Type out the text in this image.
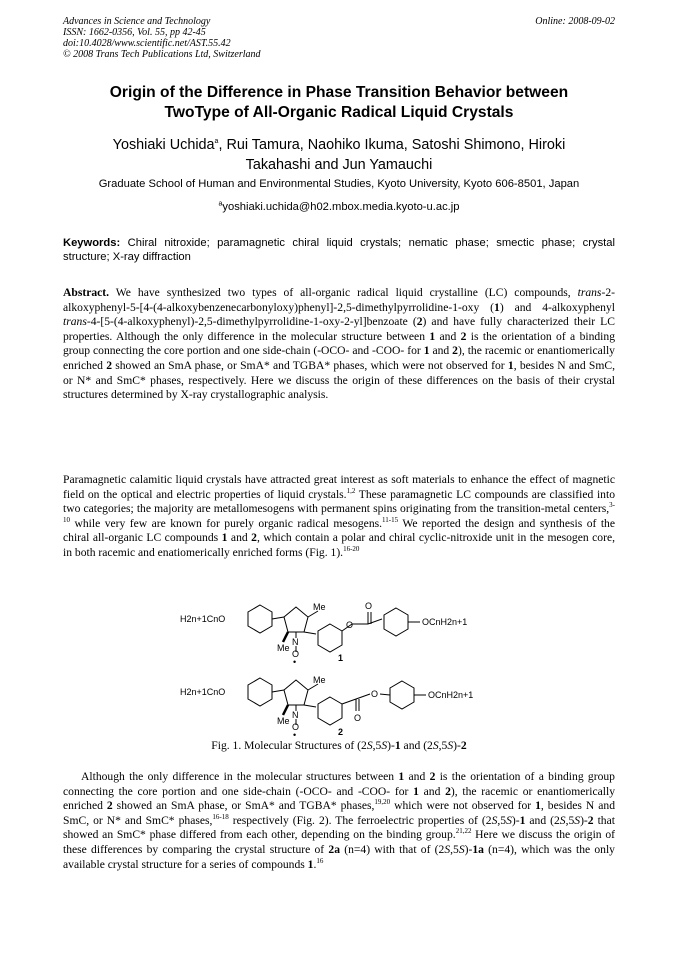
Advances in Science and Technology
ISSN: 1662-0356, Vol. 55, pp 42-45
doi:10.4028/www.scientific.net/AST.55.42
© 2008 Trans Tech Publications Ltd, Switzerland
Online: 2008-09-02
Origin of the Difference in Phase Transition Behavior between
TwoType of All-Organic Radical Liquid Crystals
Yoshiaki Uchida$^a$, Rui Tamura, Naohiko Ikuma, Satoshi Shimono, Hiroki
Takahashi and Jun Yamauchi
Graduate School of Human and Environmental Studies, Kyoto University, Kyoto 606-8501, Japan
$^a$yoshiaki.uchida@h02.mbox.media.kyoto-u.ac.jp
Keywords: Chiral nitroxide; paramagnetic chiral liquid crystals; nematic phase; smectic phase; crystal structure; X-ray diffraction
Abstract. We have synthesized two types of all-organic radical liquid crystalline (LC) compounds, trans-2-alkoxyphenyl-5-[4-(4-alkoxybenzenecarbonyloxy)phenyl]-2,5-dimethylpyrrolidine-1-oxy (1) and 4-alkoxyphenyl trans-4-[5-(4-alkoxyphenyl)-2,5-dimethylpyrrolidine-1-oxy-2-yl]benzoate (2) and have fully characterized their LC properties. Although the only difference in the molecular structure between 1 and 2 is the orientation of a binding group connecting the core portion and one side-chain (-OCO- and -COO- for 1 and 2), the racemic or enantiomerically enriched 2 showed an SmA phase, or SmA* and TGBA* phases, which were not observed for 1, besides N and SmC, or N* and SmC* phases, respectively. Here we discuss the origin of these differences on the basis of their crystal structures determined by X-ray crystallographic analysis.
Paramagnetic calamitic liquid crystals have attracted great interest as soft materials to enhance the effect of magnetic field on the optical and electric properties of liquid crystals.$^{1,2}$ These paramagnetic LC compounds are classified into two categories; the majority are metallomesogens with permanent spins originating from the transition-metal centers,$^{3-10}$ while very few are known for purely organic radical mesogens.$^{11-15}$ We reported the design and synthesis of the chiral all-organic LC compounds 1 and 2, which contain a polar and chiral cyclic-nitroxide unit in the mesogen core, in both racemic and enatiomerically enriched forms (Fig. 1).$^{16-20}$
H2n+1CnO
Me
Me
N
O
•
O
O	OCnH2n+1
1
H2n+1CnO
Me
Me
N
O
•
O
O
OCnH2n+1
2
Fig. 1. Molecular Structures of (2S,5S)-1 and (2S,5S)-2
Although the only difference in the molecular structures between 1 and 2 is the orientation of a binding group connecting the core portion and one side-chain (-OCO- and -COO- for 1 and 2), the racemic or enantiomerically enriched 2 showed an SmA phase, or SmA* and TGBA* phases,$^{19,20}$ which were not observed for 1, besides N and SmC, or N* and SmC* phases,$^{16-18}$ respectively (Fig. 2). The ferroelectric properties of (2S,5S)-1 and (2S,5S)-2 that showed an SmC* phase differed from each other, depending on the binding group.$^{21,22}$ Here we discuss the origin of these differences by comparing the crystal structure of 2a (n=4) with that of (2S,5S)-1a (n=4), which was the only available crystal structure for a series of compounds 1.16
